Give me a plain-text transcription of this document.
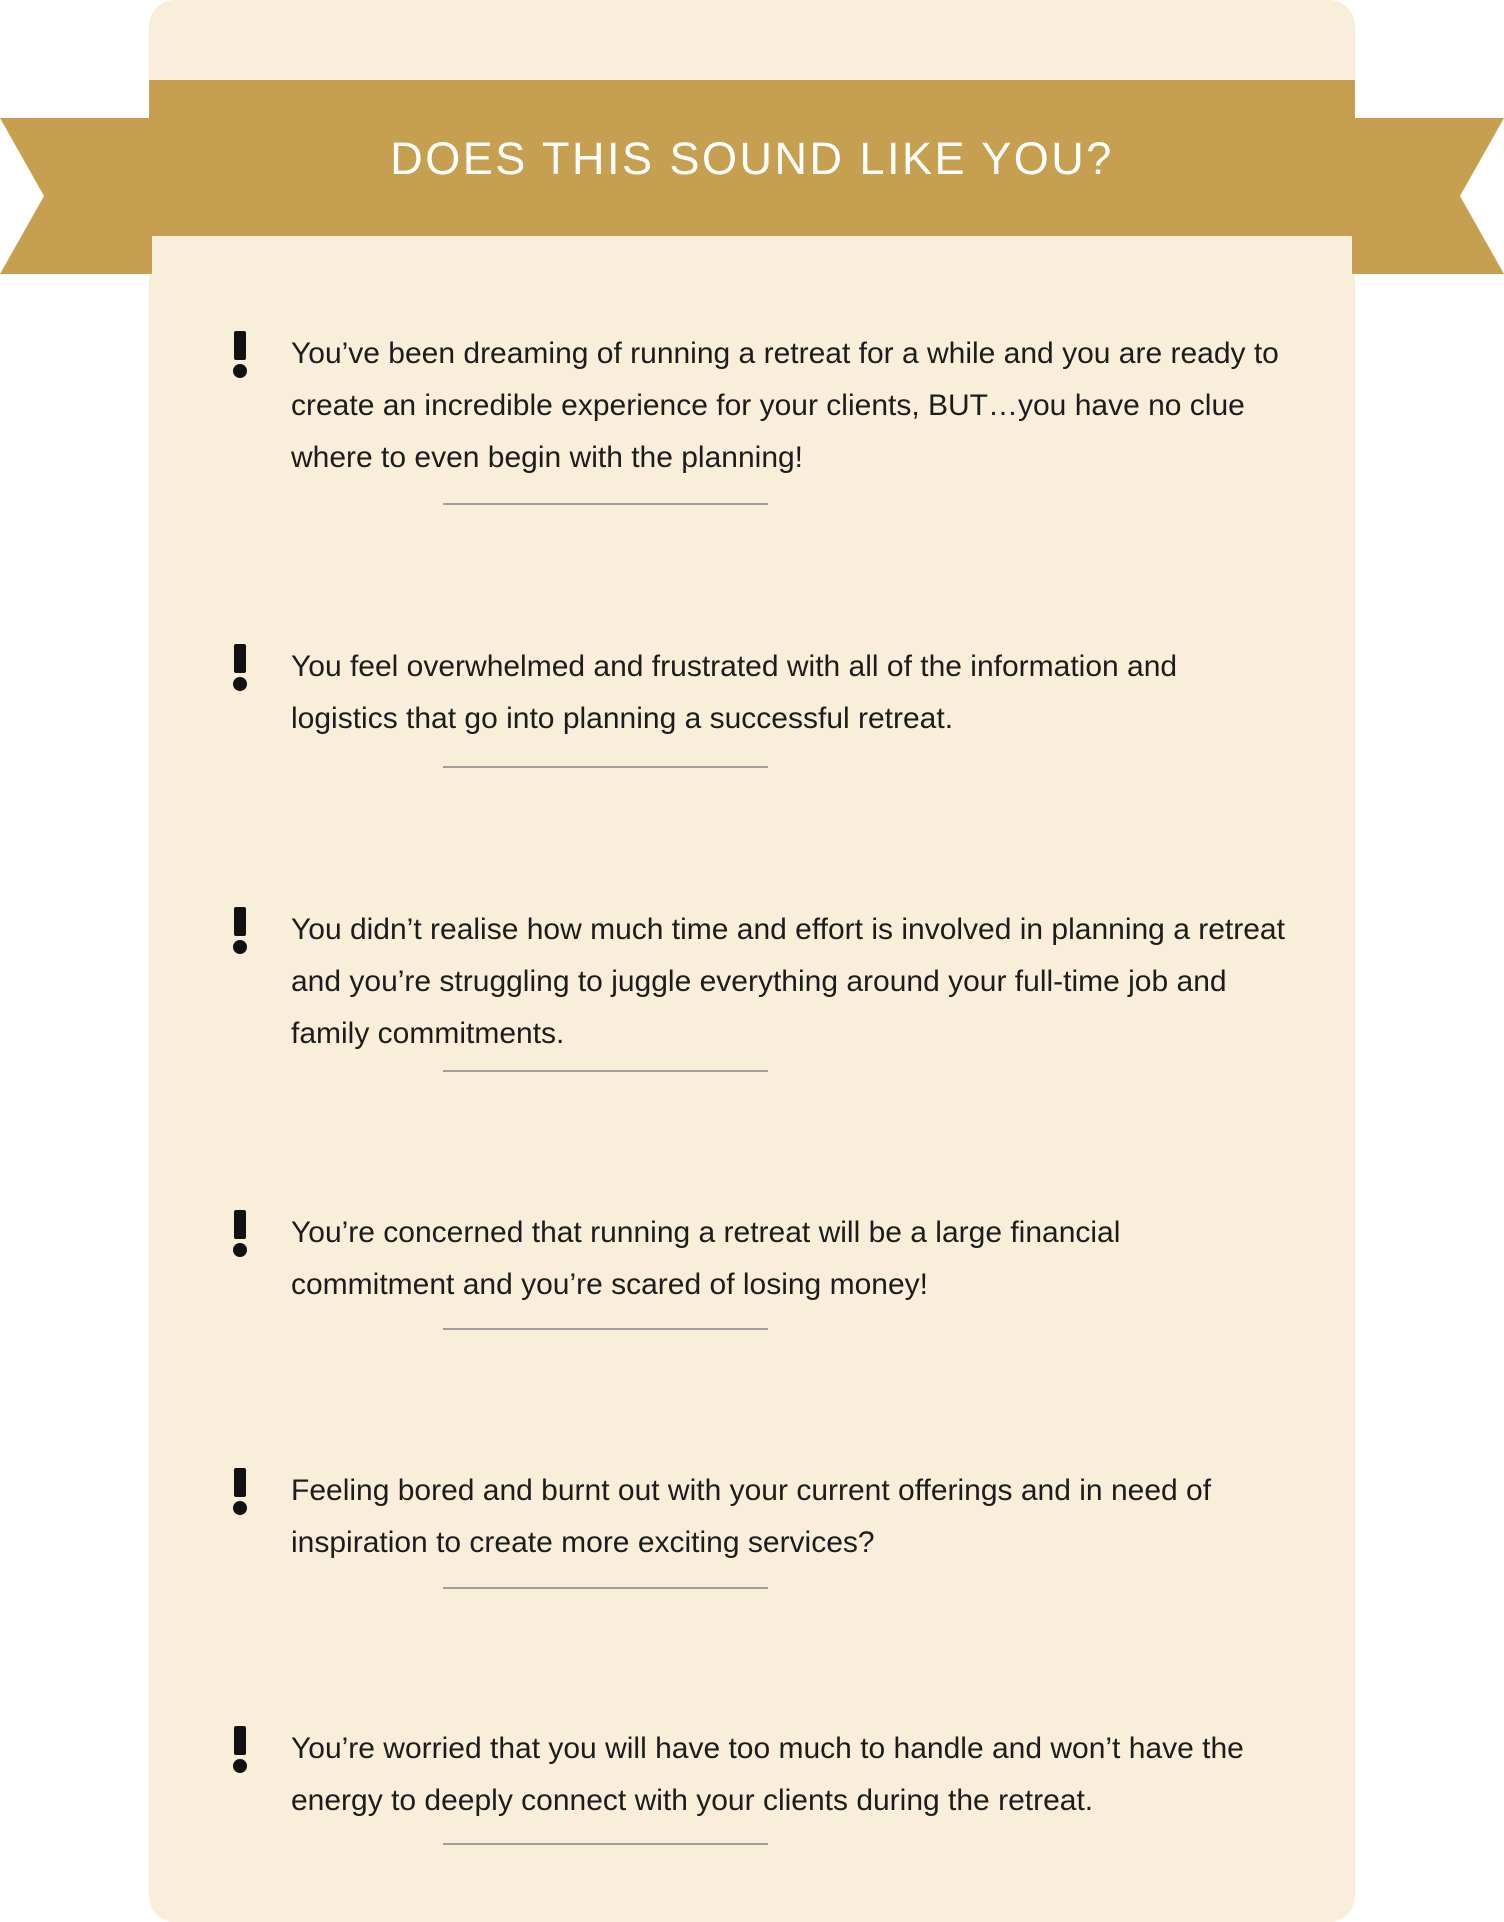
DOES THIS SOUND LIKE YOU?

You’ve been dreaming of running a retreat for a while and you are ready to create an incredible experience for your clients, BUT…you have no clue where to even begin with the planning!

You feel overwhelmed and frustrated with all of the information and logistics that go into planning a successful retreat.

You didn’t realise how much time and effort is involved in planning a retreat and you’re struggling to juggle everything around your full-time job and family commitments.

You’re concerned that running a retreat will be a large financial commitment and you’re scared of losing money!

Feeling bored and burnt out with your current offerings and in need of inspiration to create more exciting services?

You’re worried that you will have too much to handle and won’t have the energy to deeply connect with your clients during the retreat.
